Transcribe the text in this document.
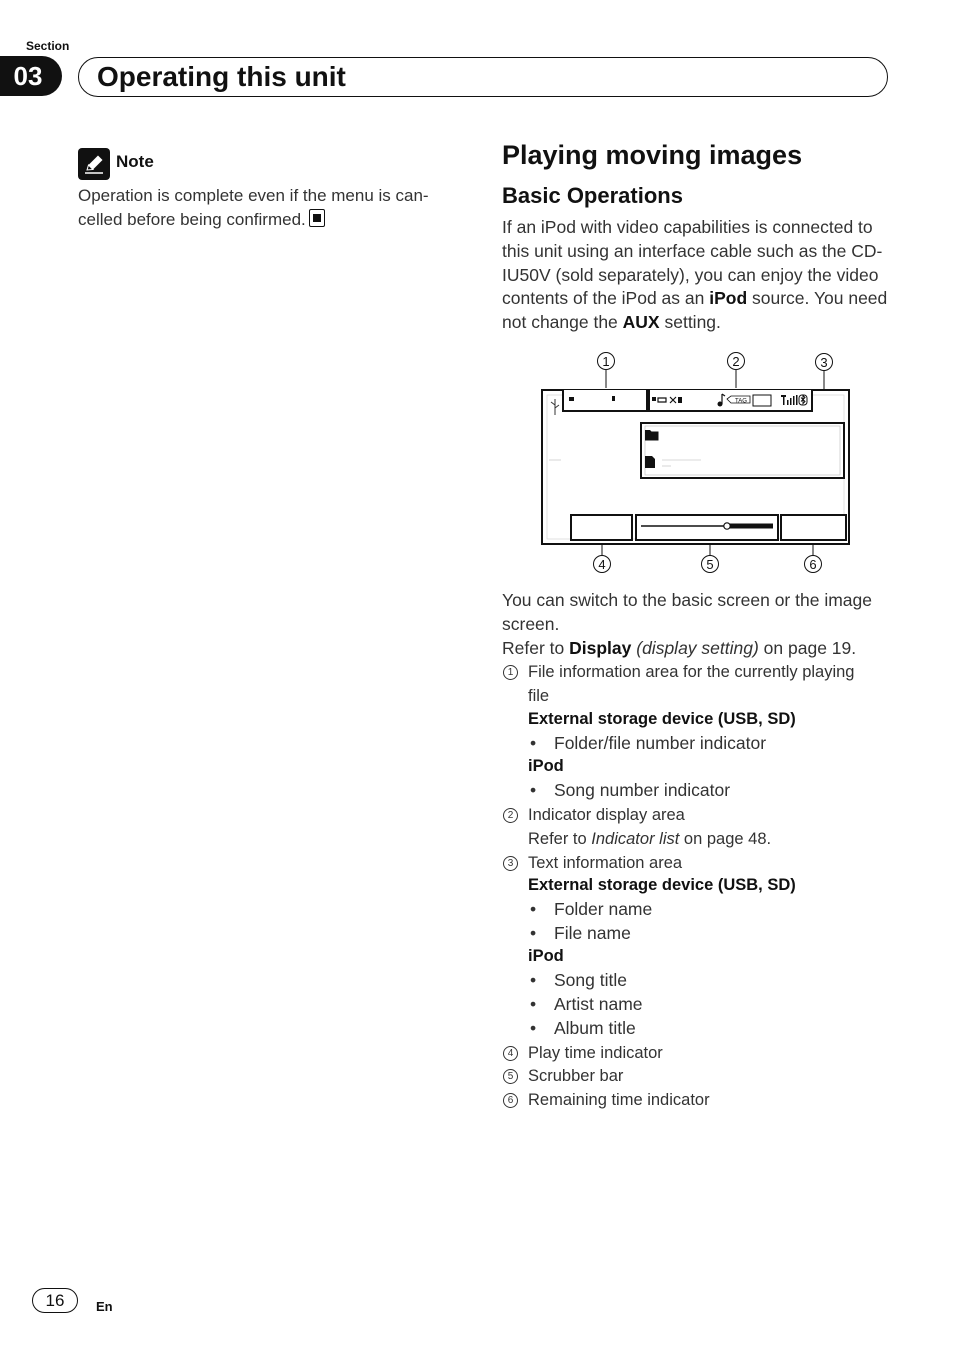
Section
03	Operating this unit
Note
Operation is complete even if the menu is can-celled before being confirmed.
Playing moving images
Basic Operations
If an iPod with video capabilities is connected to this unit using an interface cable such as the CD-IU50V (sold separately), you can enjoy the video contents of the iPod as an iPod source. You need not change the AUX setting.
1	2	3
TAG
4	5	6
You can switch to the basic screen or the image screen.
Refer to Display (display setting) on page 19.
1 File information area for the currently playing
file
External storage device (USB, SD)
• Folder/file number indicator
iPod
• Song number indicator
2 Indicator display area
Refer to Indicator list on page 48.
3 Text information area
External storage device (USB, SD)
• Folder name
• File name
iPod
• Song title
• Artist name
• Album title
4 Play time indicator
5 Scrubber bar
6 Remaining time indicator
16	En
